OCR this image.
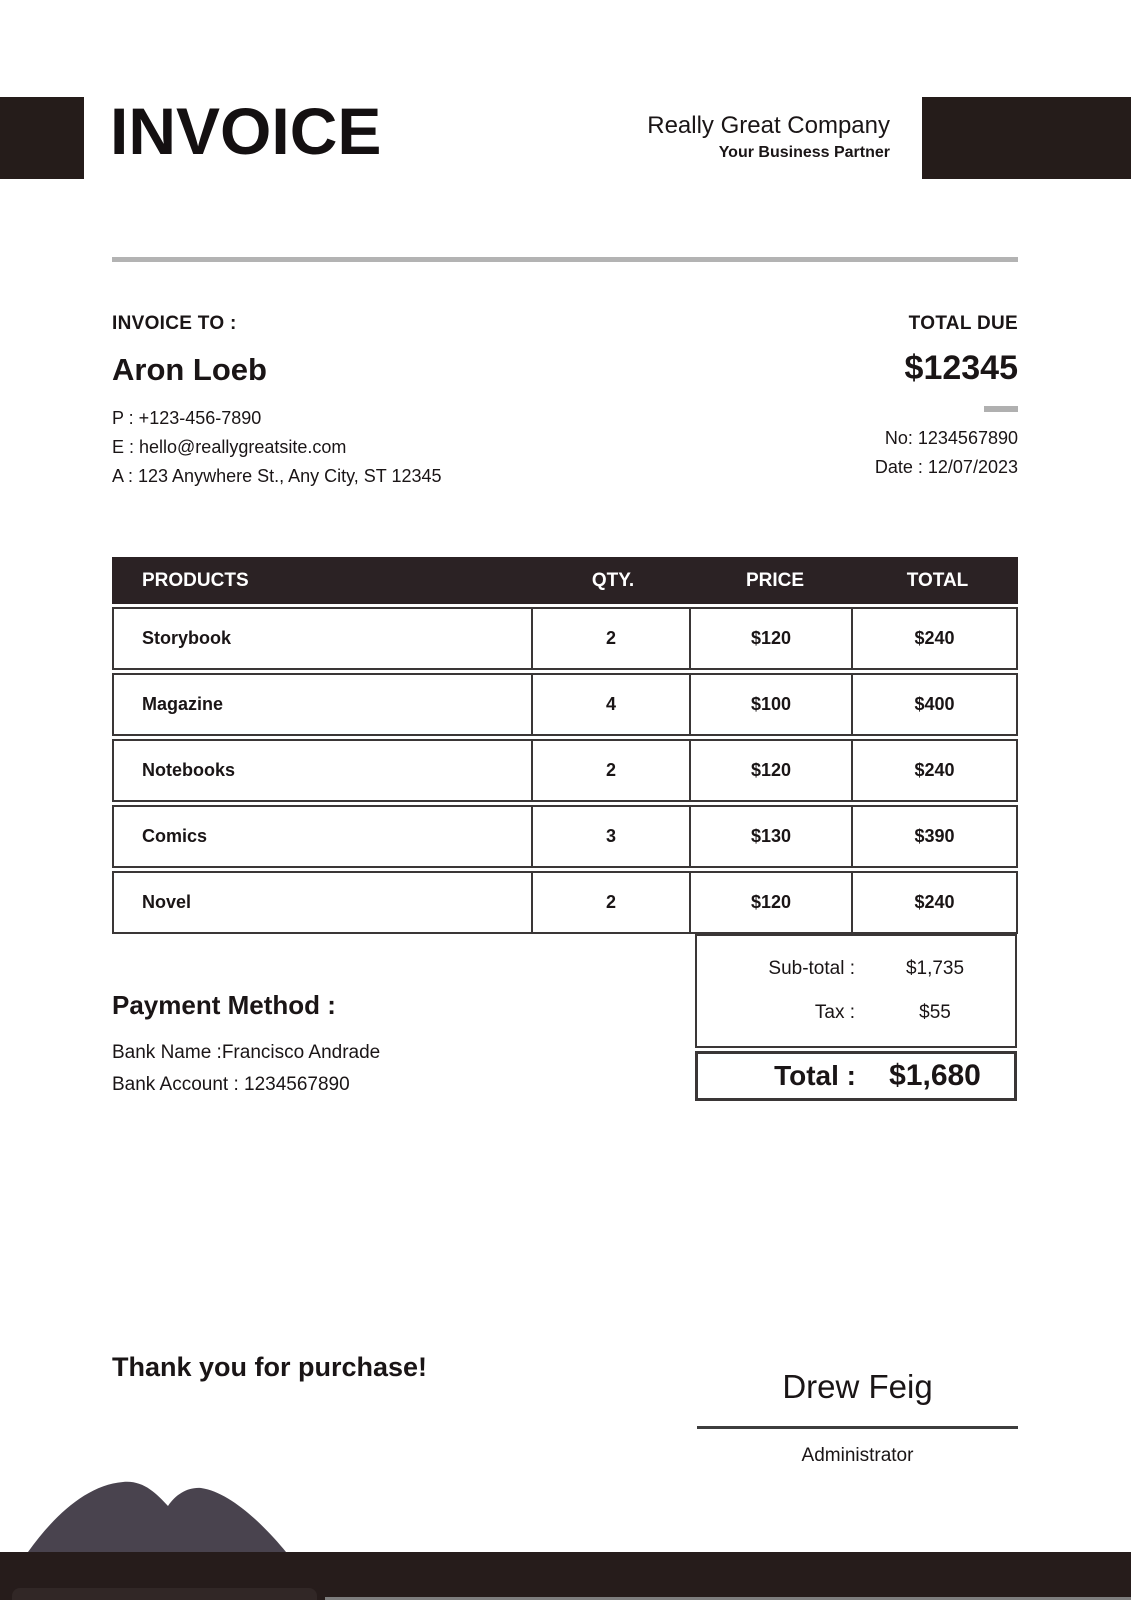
INVOICE	Really Great Company
Your Business Partner
INVOICE TO :
Aron Loeb
P : +123-456-7890
E : hello@reallygreatsite.com
A : 123 Anywhere St., Any City, ST 12345
TOTAL DUE
$12345
No: 1234567890
Date : 12/07/2023
PRODUCTS	QTY.	PRICE	TOTAL
Storybook	2	$120	$240
Magazine	4	$100	$400
Notebooks	2	$120	$240
Comics	3	$130	$390
Novel	2	$120	$240
Sub-total :	$1,735
Tax :	$55
Total :	$1,680
Payment Method :
Bank Name :Francisco Andrade
Bank Account : 1234567890
Thank you for purchase!
Drew Feig
Administrator
